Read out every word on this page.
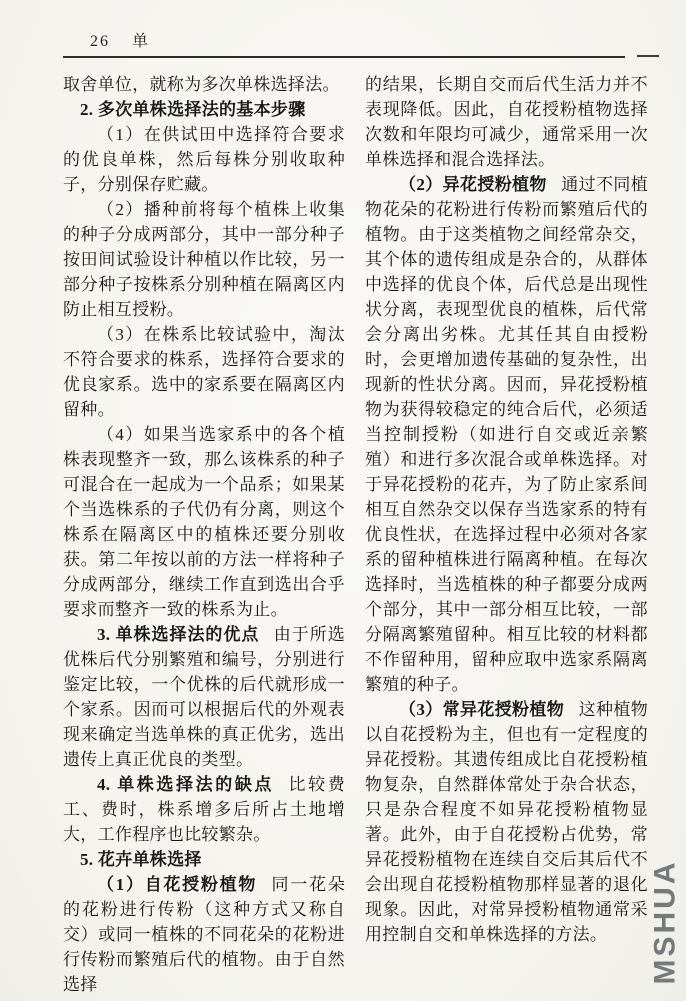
26 单

取舍单位，就称为多次单株选择法。

2. 多次单株选择法的基本步骤

（1）在供试田中选择符合要求的优良单株，然后每株分别收取种子，分别保存贮藏。

（2）播种前将每个植株上收集的种子分成两部分，其中一部分种子按田间试验设计种植以作比较，另一部分种子按株系分别种植在隔离区内防止相互授粉。

（3）在株系比较试验中，淘汰不符合要求的株系，选择符合要求的优良家系。选中的家系要在隔离区内留种。

（4）如果当选家系中的各个植株表现整齐一致，那么该株系的种子可混合在一起成为一个品系；如果某个当选株系的子代仍有分离，则这个株系在隔离区中的植株还要分别收获。第二年按以前的方法一样将种子分成两部分，继续工作直到选出合乎要求而整齐一致的株系为止。

3. 单株选择法的优点 由于所选优株后代分别繁殖和编号，分别进行鉴定比较，一个优株的后代就形成一个家系。因而可以根据后代的外观表现来确定当选单株的真正优劣，选出遗传上真正优良的类型。

4. 单株选择法的缺点 比较费工、费时，株系增多后所占土地增大，工作程序也比较繁杂。

5. 花卉单株选择

（1）自花授粉植物 同一花朵的花粉进行传粉（这种方式又称自交）或同一植株的不同花朵的花粉进行传粉而繁殖后代的植物。由于自然选择

的结果，长期自交而后代生活力并不表现降低。因此，自花授粉植物选择次数和年限均可减少，通常采用一次单株选择和混合选择法。

（2）异花授粉植物 通过不同植物花朵的花粉进行传粉而繁殖后代的植物。由于这类植物之间经常杂交，其个体的遗传组成是杂合的，从群体中选择的优良个体，后代总是出现性状分离，表现型优良的植株，后代常会分离出劣株。尤其任其自由授粉时，会更增加遗传基础的复杂性，出现新的性状分离。因而，异花授粉植物为获得较稳定的纯合后代，必须适当控制授粉（如进行自交或近亲繁殖）和进行多次混合或单株选择。对于异花授粉的花卉，为了防止家系间相互自然杂交以保存当选家系的特有优良性状，在选择过程中必须对各家系的留种植株进行隔离种植。在每次选择时，当选植株的种子都要分成两个部分，其中一部分相互比较，一部分隔离繁殖留种。相互比较的材料都不作留种用，留种应取中选家系隔离繁殖的种子。

（3）常异花授粉植物 这种植物以自花授粉为主，但也有一定程度的异花授粉。其遗传组成比自花授粉植物复杂，自然群体常处于杂合状态，只是杂合程度不如异花授粉植物显著。此外，由于自花授粉占优势，常异花授粉植物在连续自交后其后代不会出现自花授粉植物那样显著的退化现象。因此，对常异授粉植物通常采用控制自交和单株选择的方法。	MSHUA
